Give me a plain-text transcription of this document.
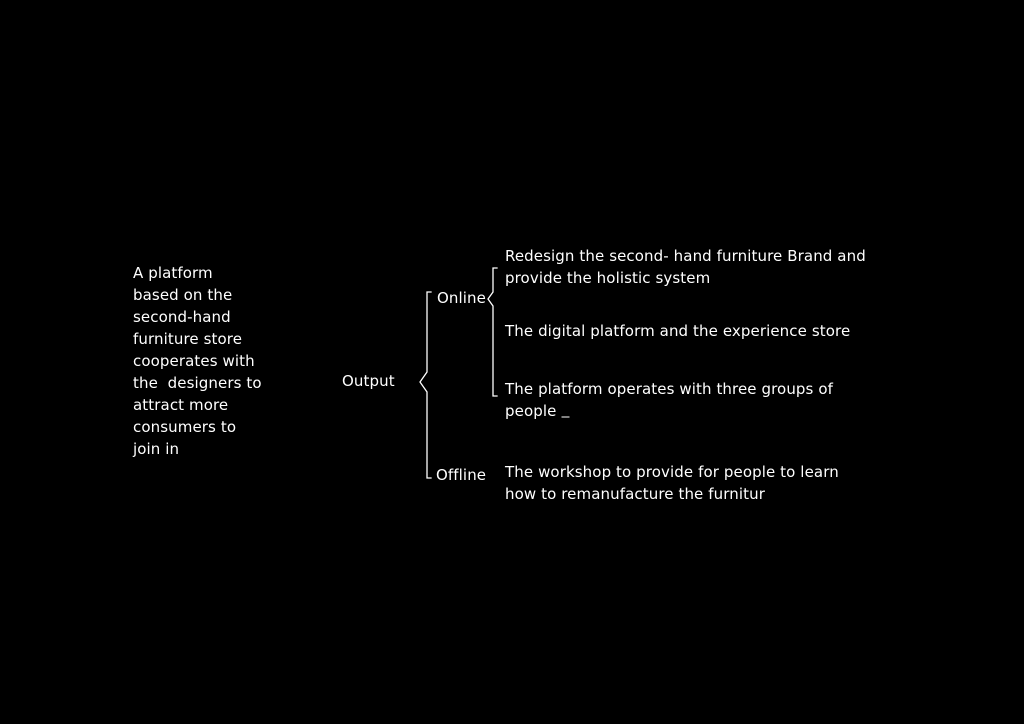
A platform
based on the
second-hand
furniture store
cooperates with
the  designers to
attract more
consumers to
join in
Output
Online
Offline
Redesign the second- hand furniture Brand and
provide the holistic system
The digital platform and the experience store
The platform operates with three groups of
people
The workshop to provide for people to learn
how to remanufacture the furnitur
